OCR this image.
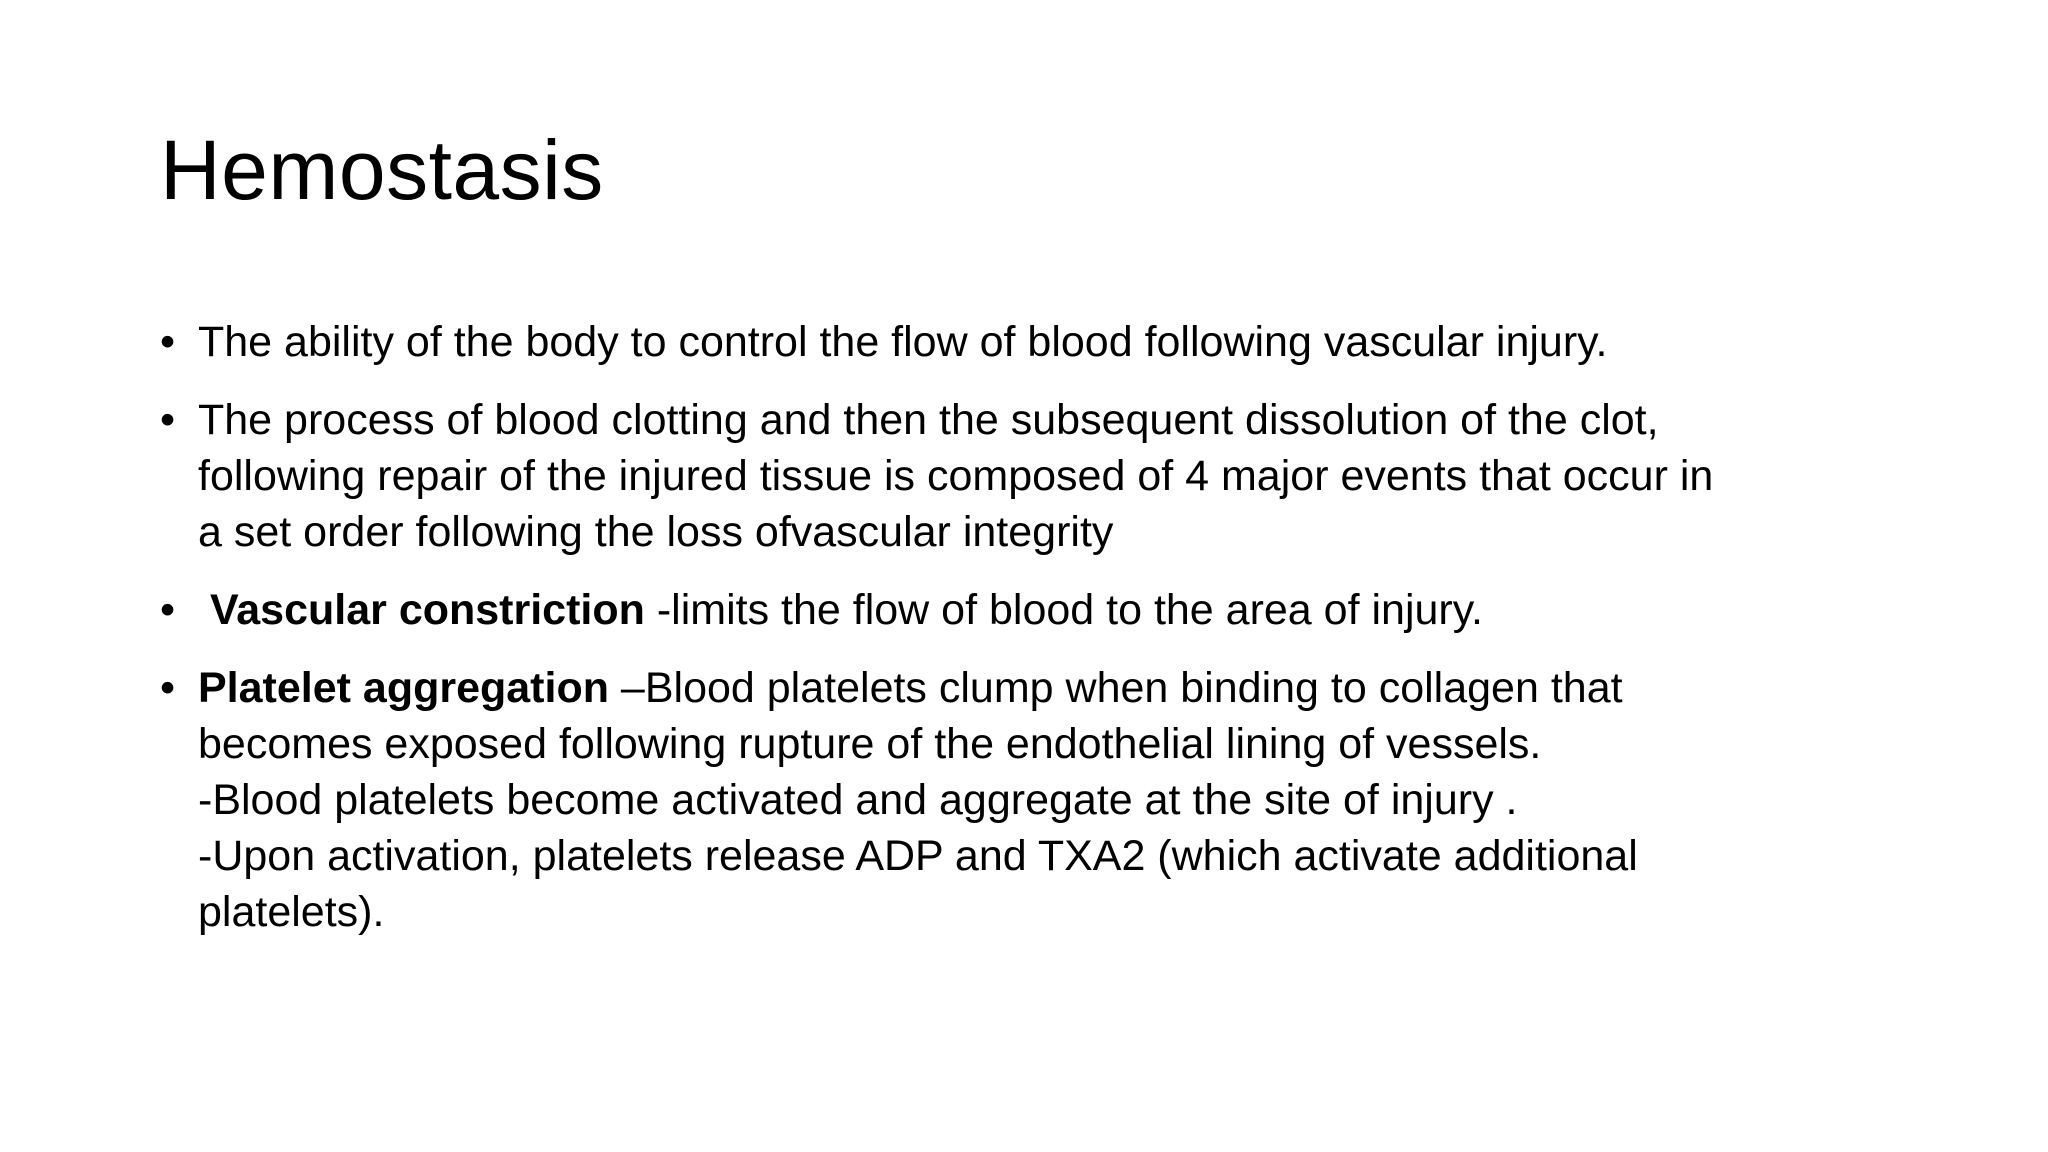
Hemostasis
• The ability of the body to control the flow of blood following vascular injury.
• The process of blood clotting and then the subsequent dissolution of the clot,
following repair of the injured tissue is composed of 4 major events that occur in
a set order following the loss ofvascular integrity
• Vascular constriction -limits the flow of blood to the area of injury.
• Platelet aggregation –Blood platelets clump when binding to collagen that
becomes exposed following rupture of the endothelial lining of vessels.
-Blood platelets become activated and aggregate at the site of injury .
-Upon activation, platelets release ADP and TXA2 (which activate additional
platelets).
